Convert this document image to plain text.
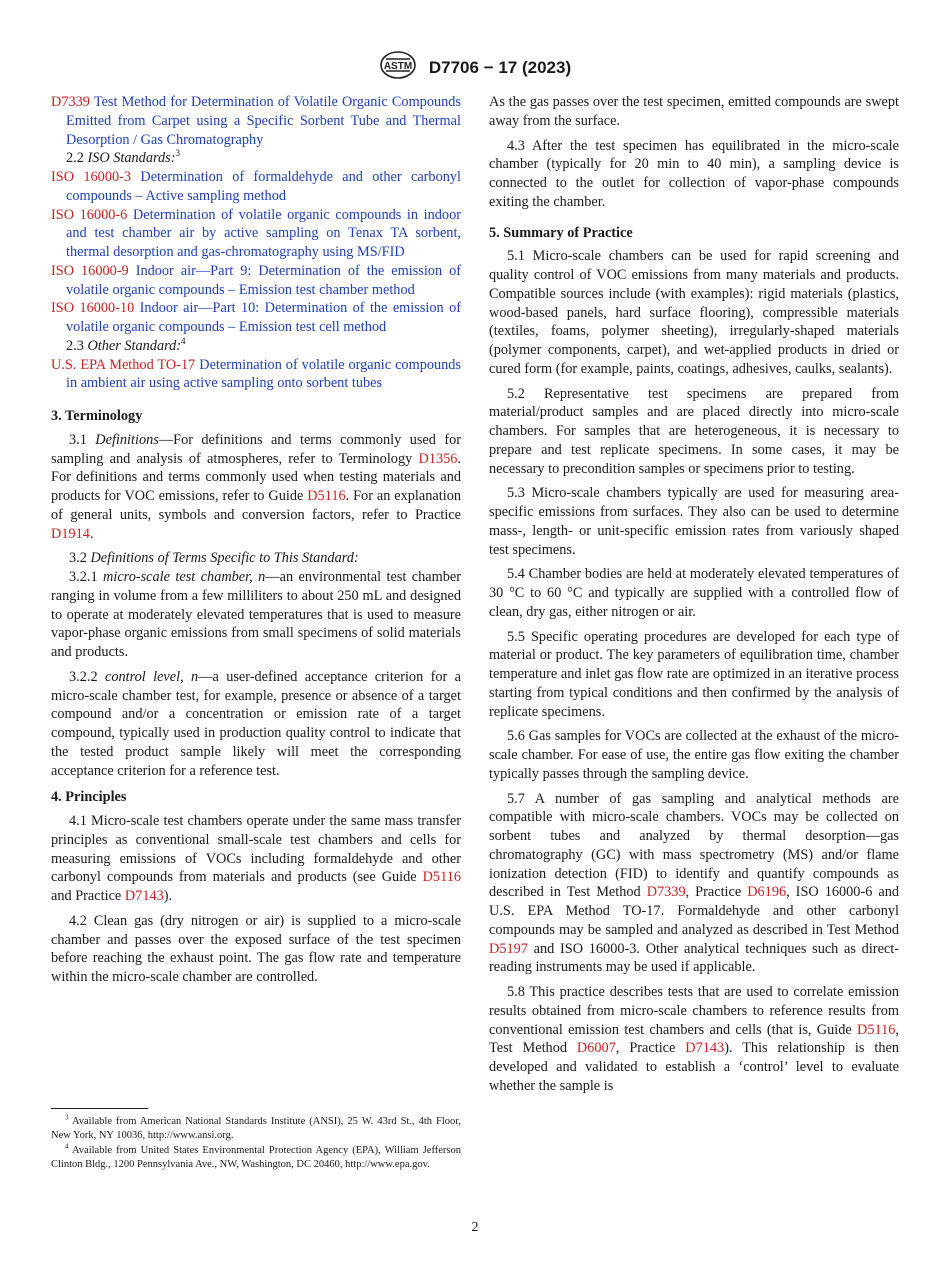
ASTM D7706 − 17 (2023)

D7339 Test Method for Determination of Volatile Organic Compounds Emitted from Carpet using a Specific Sorbent Tube and Thermal Desorption / Gas Chromatography

2.2 ISO Standards:$^3$

ISO 16000-3 Determination of formaldehyde and other carbonyl compounds – Active sampling method

ISO 16000-6 Determination of volatile organic compounds in indoor and test chamber air by active sampling on Tenax TA sorbent, thermal desorption and gas-chromatography using MS/FID

ISO 16000-9 Indoor air—Part 9: Determination of the emission of volatile organic compounds – Emission test chamber method

ISO 16000-10 Indoor air—Part 10: Determination of the emission of volatile organic compounds – Emission test cell method

2.3 Other Standard:$^4$

U.S. EPA Method TO-17 Determination of volatile organic compounds in ambient air using active sampling onto sorbent tubes

3. Terminology

3.1 Definitions—For definitions and terms commonly used for sampling and analysis of atmospheres, refer to Terminology D1356. For definitions and terms commonly used when testing materials and products for VOC emissions, refer to Guide D5116. For an explanation of general units, symbols and conversion factors, refer to Practice D1914.

3.2 Definitions of Terms Specific to This Standard:

3.2.1 micro-scale test chamber, n—an environmental test chamber ranging in volume from a few milliliters to about 250 mL and designed to operate at moderately elevated temperatures that is used to measure vapor-phase organic emissions from small specimens of solid materials and products.

3.2.2 control level, n—a user-defined acceptance criterion for a micro-scale chamber test, for example, presence or absence of a target compound and/or a concentration or emission rate of a target compound, typically used in production quality control to indicate that the tested product sample likely will meet the corresponding acceptance criterion for a reference test.

4. Principles

4.1 Micro-scale test chambers operate under the same mass transfer principles as conventional small-scale test chambers and cells for measuring emissions of VOCs including formaldehyde and other carbonyl compounds from materials and products (see Guide D5116 and Practice D7143).

4.2 Clean gas (dry nitrogen or air) is supplied to a micro-scale chamber and passes over the exposed surface of the test specimen before reaching the exhaust point. The gas flow rate and temperature within the micro-scale chamber are controlled.

$^3$ Available from American National Standards Institute (ANSI), 25 W. 43rd St., 4th Floor, New York, NY 10036, http://www.ansi.org.

$^4$ Available from United States Environmental Protection Agency (EPA), William Jefferson Clinton Bldg., 1200 Pennsylvania Ave., NW, Washington, DC 20460, http://www.epa.gov.

As the gas passes over the test specimen, emitted compounds are swept away from the surface.

4.3 After the test specimen has equilibrated in the micro-scale chamber (typically for 20 min to 40 min), a sampling device is connected to the outlet for collection of vapor-phase compounds exiting the chamber.

5. Summary of Practice

5.1 Micro-scale chambers can be used for rapid screening and quality control of VOC emissions from many materials and products. Compatible sources include (with examples): rigid materials (plastics, wood-based panels, hard surface flooring), compressible materials (textiles, foams, polymer sheeting), irregularly-shaped materials (polymer components, carpet), and wet-applied products in dried or cured form (for example, paints, coatings, adhesives, caulks, sealants).

5.2 Representative test specimens are prepared from material/product samples and are placed directly into micro-scale chambers. For samples that are heterogeneous, it is necessary to prepare and test replicate specimens. In some cases, it may be necessary to precondition samples or specimens prior to testing.

5.3 Micro-scale chambers typically are used for measuring area-specific emissions from surfaces. They also can be used to determine mass-, length- or unit-specific emission rates from variously shaped test specimens.

5.4 Chamber bodies are held at moderately elevated temperatures of 30 °C to 60 °C and typically are supplied with a controlled flow of clean, dry gas, either nitrogen or air.

5.5 Specific operating procedures are developed for each type of material or product. The key parameters of equilibration time, chamber temperature and inlet gas flow rate are optimized in an iterative process starting from typical conditions and then confirmed by the analysis of replicate specimens.

5.6 Gas samples for VOCs are collected at the exhaust of the micro-scale chamber. For ease of use, the entire gas flow exiting the chamber typically passes through the sampling device.

5.7 A number of gas sampling and analytical methods are compatible with micro-scale chambers. VOCs may be collected on sorbent tubes and analyzed by thermal desorption—gas chromatography (GC) with mass spectrometry (MS) and/or flame ionization detection (FID) to identify and quantify compounds as described in Test Method D7339, Practice D6196, ISO 16000-6 and U.S. EPA Method TO-17. Formaldehyde and other carbonyl compounds may be sampled and analyzed as described in Test Method D5197 and ISO 16000-3. Other analytical techniques such as direct-reading instruments may be used if applicable.

5.8 This practice describes tests that are used to correlate emission results obtained from micro-scale chambers to reference results from conventional emission test chambers and cells (that is, Guide D5116, Test Method D6007, Practice D7143). This relationship is then developed and validated to establish a ‘control’ level to evaluate whether the sample is

2
